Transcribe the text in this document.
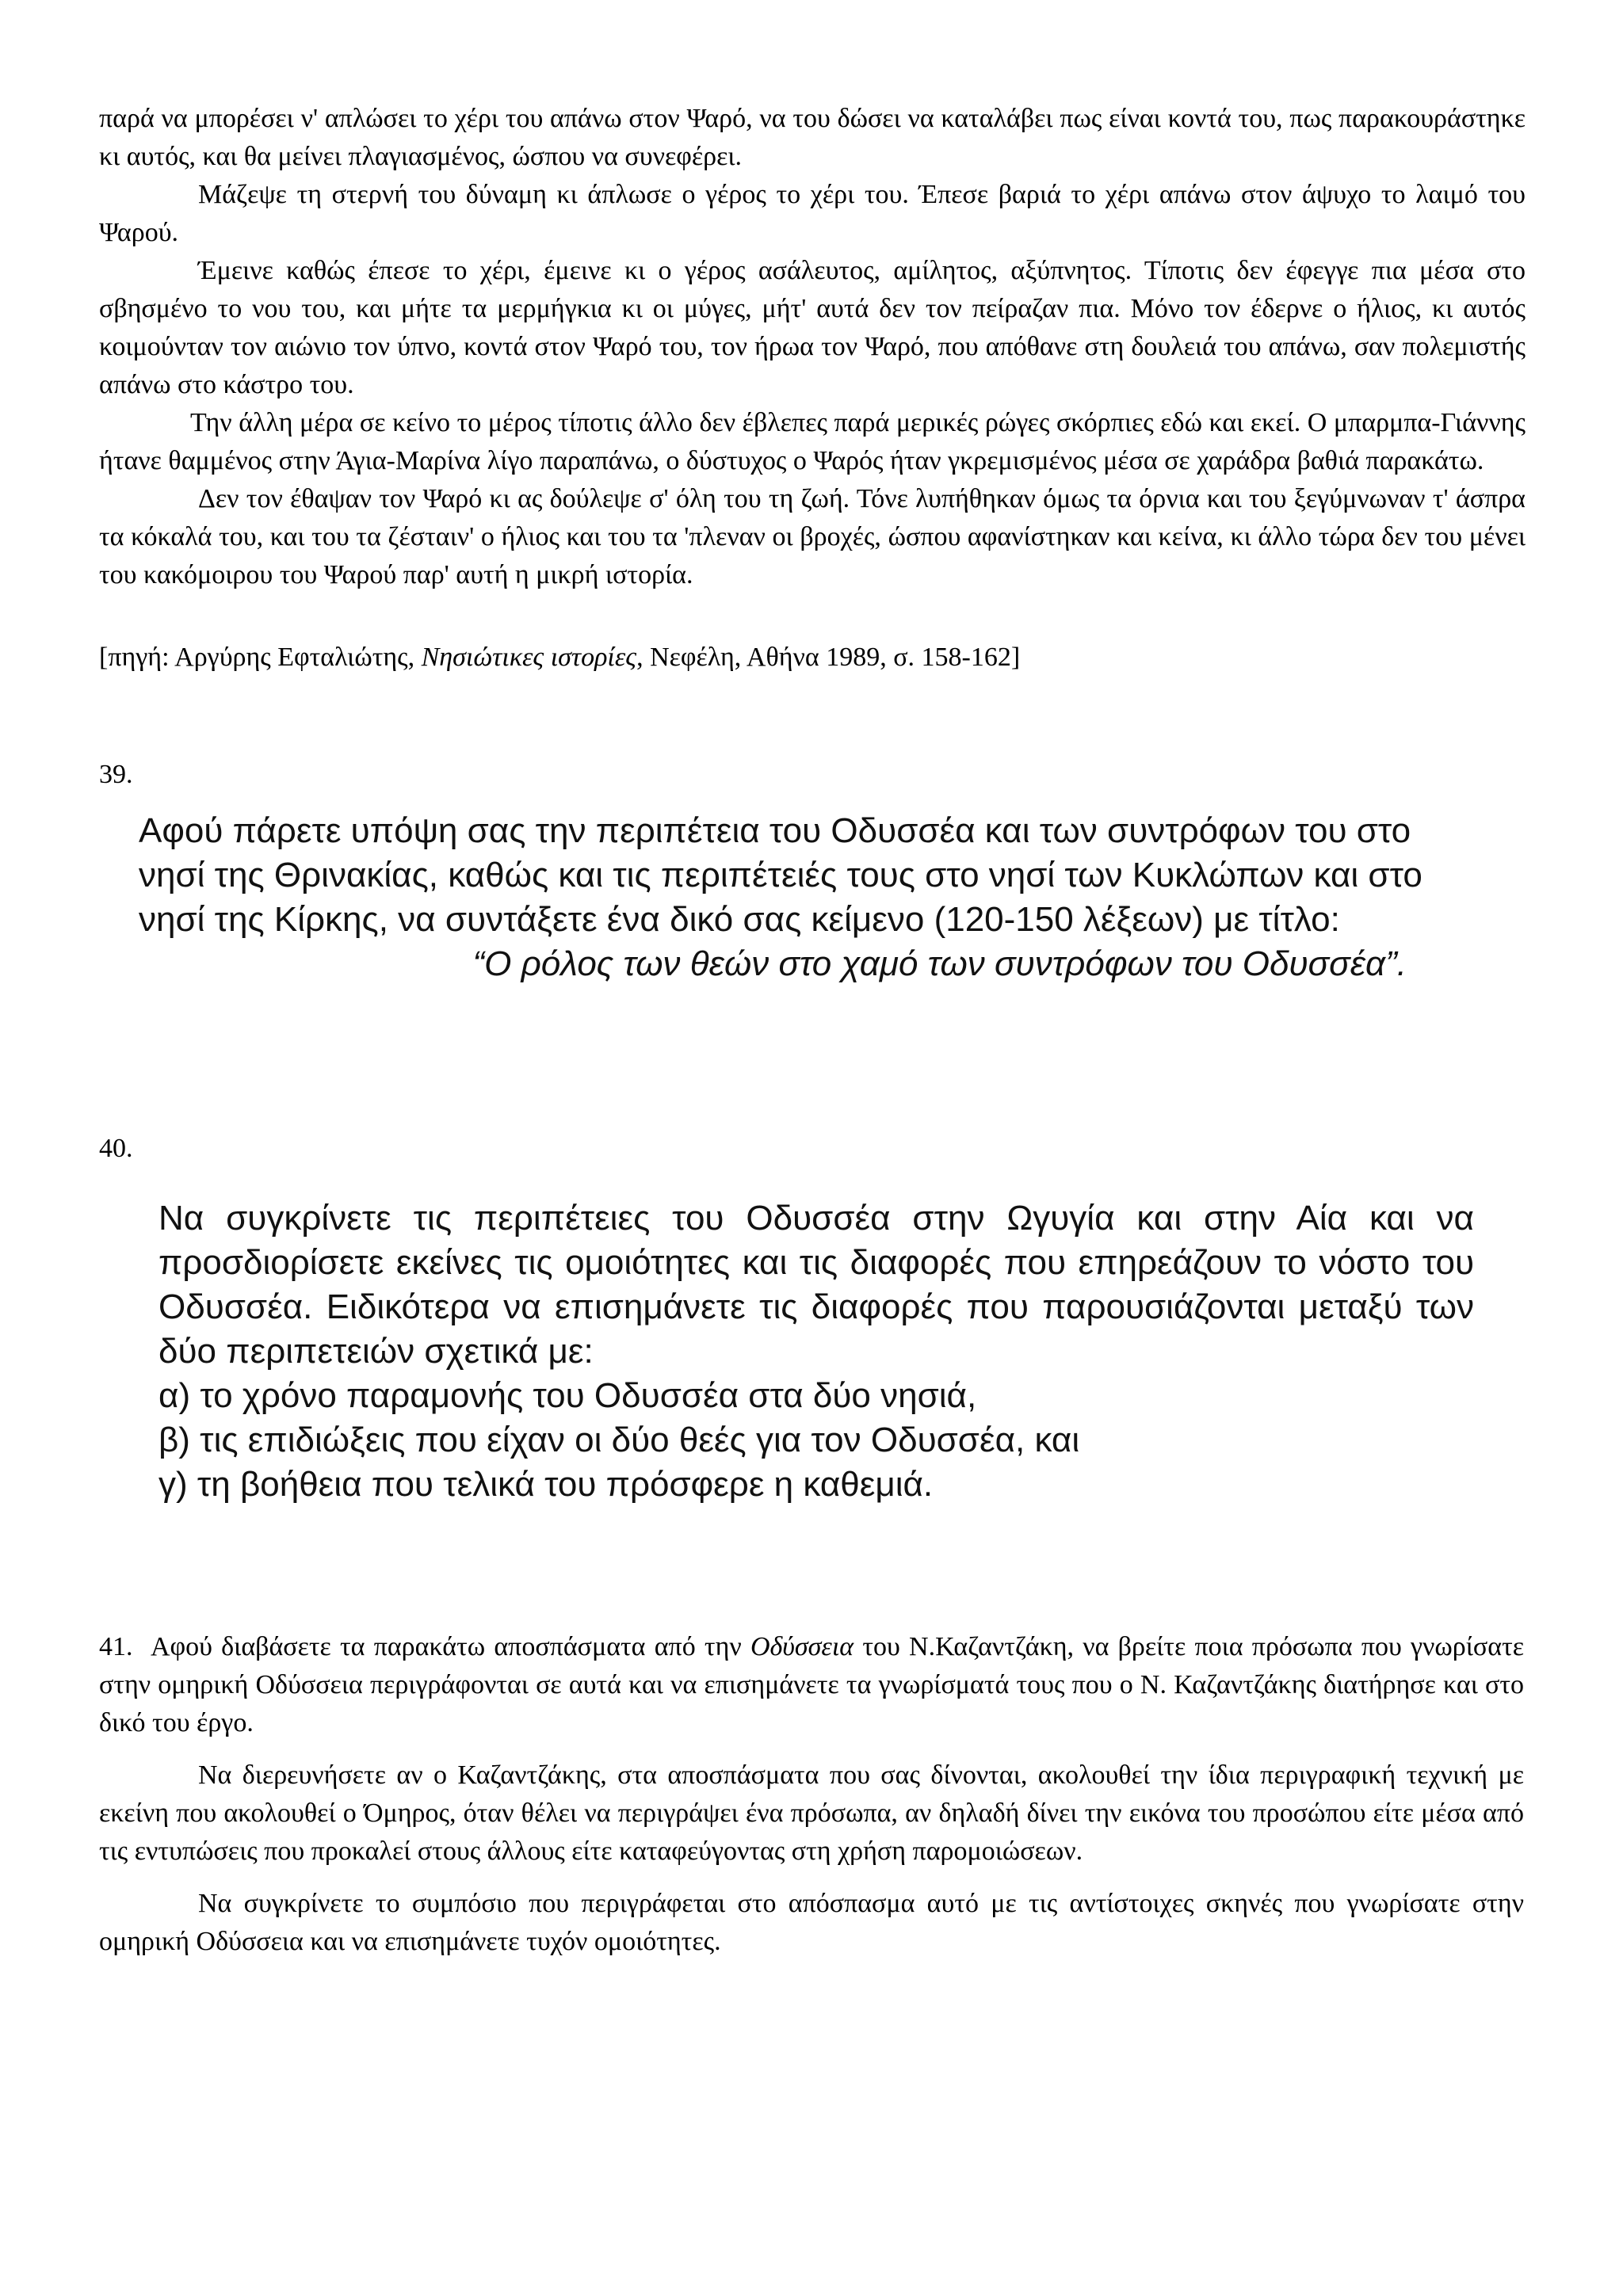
παρά να μπορέσει ν' απλώσει το χέρι του απάνω στον Ψαρό, να του δώσει να καταλάβει πως είναι κοντά του, πως παρακουράστηκε κι αυτός, και θα μείνει πλαγιασμένος, ώσπου να συνεφέρει.

Μάζεψε τη στερνή του δύναμη κι άπλωσε ο γέρος το χέρι του. Έπεσε βαριά το χέρι απάνω στον άψυχο το λαιμό του Ψαρού.

Έμεινε καθώς έπεσε το χέρι, έμεινε κι ο γέρος ασάλευτος, αμίλητος, αξύπνητος. Τίποτις δεν έφεγγε πια μέσα στο σβησμένο το νου του, και μήτε τα μερμήγκια κι οι μύγες, μήτ' αυτά δεν τον πείραζαν πια. Μόνο τον έδερνε ο ήλιος, κι αυτός κοιμούνταν τον αιώνιο τον ύπνο, κοντά στον Ψαρό του, τον ήρωα τον Ψαρό, που απόθανε στη δουλειά του απάνω, σαν πολεμιστής απάνω στο κάστρο του.

Την άλλη μέρα σε κείνο το μέρος τίποτις άλλο δεν έβλεπες παρά μερικές ρώγες σκόρπιες εδώ και εκεί. Ο μπαρμπα-Γιάννης ήτανε θαμμένος στην Άγια-Μαρίνα λίγο παραπάνω, ο δύστυχος ο Ψαρός ήταν γκρεμισμένος μέσα σε χαράδρα βαθιά παρακάτω.

Δεν τον έθαψαν τον Ψαρό κι ας δούλεψε σ' όλη του τη ζωή. Τόνε λυπήθηκαν όμως τα όρνια και του ξεγύμνωναν τ' άσπρα τα κόκαλά του, και του τα ζέσταιν' ο ήλιος και του τα 'πλεναν οι βροχές, ώσπου αφανίστηκαν και κείνα, κι άλλο τώρα δεν του μένει του κακόμοιρου του Ψαρού παρ' αυτή η μικρή ιστορία.

[πηγή: Αργύρης Εφταλιώτης, Νησιώτικες ιστορίες, Νεφέλη, Αθήνα 1989, σ. 158-162]

39.

Αφού πάρετε υπόψη σας την περιπέτεια του Οδυσσέα και των συντρόφων του στο νησί της Θρινακίας, καθώς και τις περιπέτειές τους στο νησί των Κυκλώπων και στο νησί της Κίρκης, να συντάξετε ένα δικό σας κείμενο (120-150 λέξεων) με τίτλο:

“Ο ρόλος των θεών στο χαμό των συντρόφων του Οδυσσέα”.

40.

Να συγκρίνετε τις περιπέτειες του Οδυσσέα στην Ωγυγία και στην Αία και να προσδιορίσετε εκείνες τις ομοιότητες και τις διαφορές που επηρεάζουν το νόστο του Οδυσσέα. Ειδικότερα να επισημάνετε τις διαφορές που παρουσιάζονται μεταξύ των δύο περιπετειών σχετικά με:

α) το χρόνο παραμονής του Οδυσσέα στα δύο νησιά,

β) τις επιδιώξεις που είχαν οι δύο θεές για τον Οδυσσέα, και

γ) τη βοήθεια που τελικά του πρόσφερε η καθεμιά.

41. Αφού διαβάσετε τα παρακάτω αποσπάσματα από την Οδύσσεια του Ν.Καζαντζάκη, να βρείτε ποια πρόσωπα που γνωρίσατε στην ομηρική Οδύσσεια περιγράφονται σε αυτά και να επισημάνετε τα γνωρίσματά τους που ο Ν. Καζαντζάκης διατήρησε και στο δικό του έργο.

Να διερευνήσετε αν ο Καζαντζάκης, στα αποσπάσματα που σας δίνονται, ακολουθεί την ίδια περιγραφική τεχνική με εκείνη που ακολουθεί ο Όμηρος, όταν θέλει να περιγράψει ένα πρόσωπα, αν δηλαδή δίνει την εικόνα του προσώπου είτε μέσα από τις εντυπώσεις που προκαλεί στους άλλους είτε καταφεύγοντας στη χρήση παρομοιώσεων.

Να συγκρίνετε το συμπόσιο που περιγράφεται στο απόσπασμα αυτό με τις αντίστοιχες σκηνές που γνωρίσατε στην ομηρική Οδύσσεια και να επισημάνετε τυχόν ομοιότητες.
